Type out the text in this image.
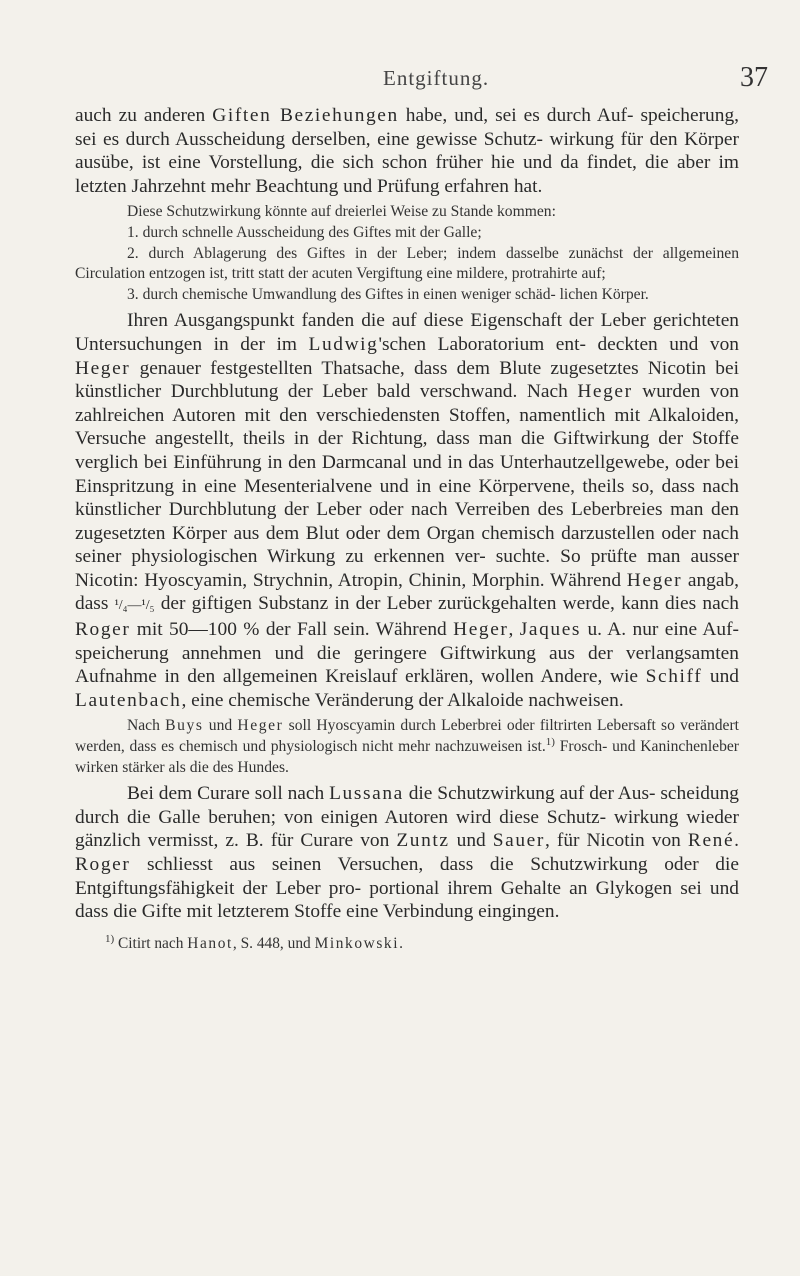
Entgiftung.	37

auch zu anderen Giften Beziehungen habe, und, sei es durch Auf- speicherung, sei es durch Ausscheidung derselben, eine gewisse Schutz- wirkung für den Körper ausübe, ist eine Vorstellung, die sich schon früher hie und da findet, die aber im letzten Jahrzehnt mehr Beachtung und Prüfung erfahren hat.

Diese Schutzwirkung könnte auf dreierlei Weise zu Stande kommen:

1. durch schnelle Ausscheidung des Giftes mit der Galle;

2. durch Ablagerung des Giftes in der Leber; indem dasselbe zunächst der allgemeinen Circulation entzogen ist, tritt statt der acuten Vergiftung eine mildere, protrahirte auf;

3. durch chemische Umwandlung des Giftes in einen weniger schäd- lichen Körper.

Ihren Ausgangspunkt fanden die auf diese Eigenschaft der Leber gerichteten Untersuchungen in der im Ludwig'schen Laboratorium ent- deckten und von Heger genauer festgestellten Thatsache, dass dem Blute zugesetztes Nicotin bei künstlicher Durchblutung der Leber bald verschwand. Nach Heger wurden von zahlreichen Autoren mit den verschiedensten Stoffen, namentlich mit Alkaloiden, Versuche angestellt, theils in der Richtung, dass man die Giftwirkung der Stoffe verglich bei Einführung in den Darmcanal und in das Unterhautzellgewebe, oder bei Einspritzung in eine Mesenterialvene und in eine Körpervene, theils so, dass nach künstlicher Durchblutung der Leber oder nach Verreiben des Leberbreies man den zugesetzten Körper aus dem Blut oder dem Organ chemisch darzustellen oder nach seiner physiologischen Wirkung zu erkennen ver- suchte. So prüfte man ausser Nicotin: Hyoscyamin, Strychnin, Atropin, Chinin, Morphin. Während Heger angab, dass ¹/₄—¹/₅ der giftigen Substanz in der Leber zurückgehalten werde, kann dies nach Roger mit 50—100 % der Fall sein. Während Heger, Jaques u. A. nur eine Auf- speicherung annehmen und die geringere Giftwirkung aus der verlangsamten Aufnahme in den allgemeinen Kreislauf erklären, wollen Andere, wie Schiff und Lautenbach, eine chemische Veränderung der Alkaloide nachweisen.

Nach Buys und Heger soll Hyoscyamin durch Leberbrei oder filtrirten Lebersaft so verändert werden, dass es chemisch und physiologisch nicht mehr nachzuweisen ist.$^{1)}$ Frosch- und Kaninchenleber wirken stärker als die des Hundes.

Bei dem Curare soll nach Lussana die Schutzwirkung auf der Aus- scheidung durch die Galle beruhen; von einigen Autoren wird diese Schutz- wirkung wieder gänzlich vermisst, z. B. für Curare von Zuntz und Sauer, für Nicotin von René. Roger schliesst aus seinen Versuchen, dass die Schutzwirkung oder die Entgiftungsfähigkeit der Leber pro- portional ihrem Gehalte an Glykogen sei und dass die Gifte mit letzterem Stoffe eine Verbindung eingingen.

$^{1)}$ Citirt nach Hanot, S. 448, und Minkowski.
